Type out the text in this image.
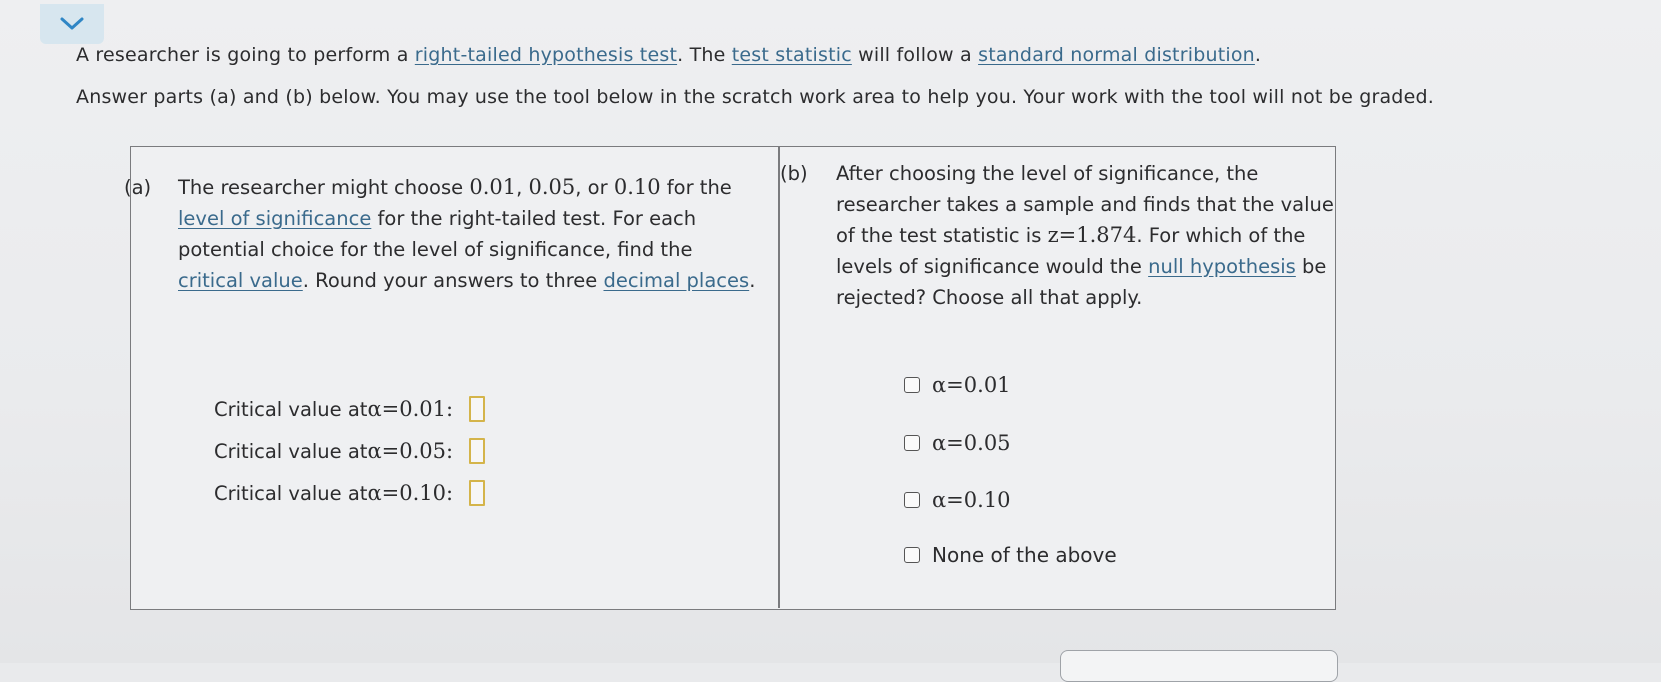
A researcher is going to perform a right-tailed hypothesis test. The test statistic will follow a standard normal distribution.
Answer parts (a) and (b) below. You may use the tool below in the scratch work area to help you. Your work with the tool will not be graded.
(a) The researcher might choose 0.01, 0.05, or 0.10 for the level of significance for the right-tailed test. For each potential choice for the level of significance, find the critical value. Round your answers to three decimal places.
Critical value at α=0.01 :
Critical value at α=0.05 :
Critical value at α=0.10 :
(b) After choosing the level of significance, the researcher takes a sample and finds that the value of the test statistic is z=1.874. For which of the levels of significance would the null hypothesis be rejected? Choose all that apply.
α=0.01
α=0.05
α=0.10
None of the above
